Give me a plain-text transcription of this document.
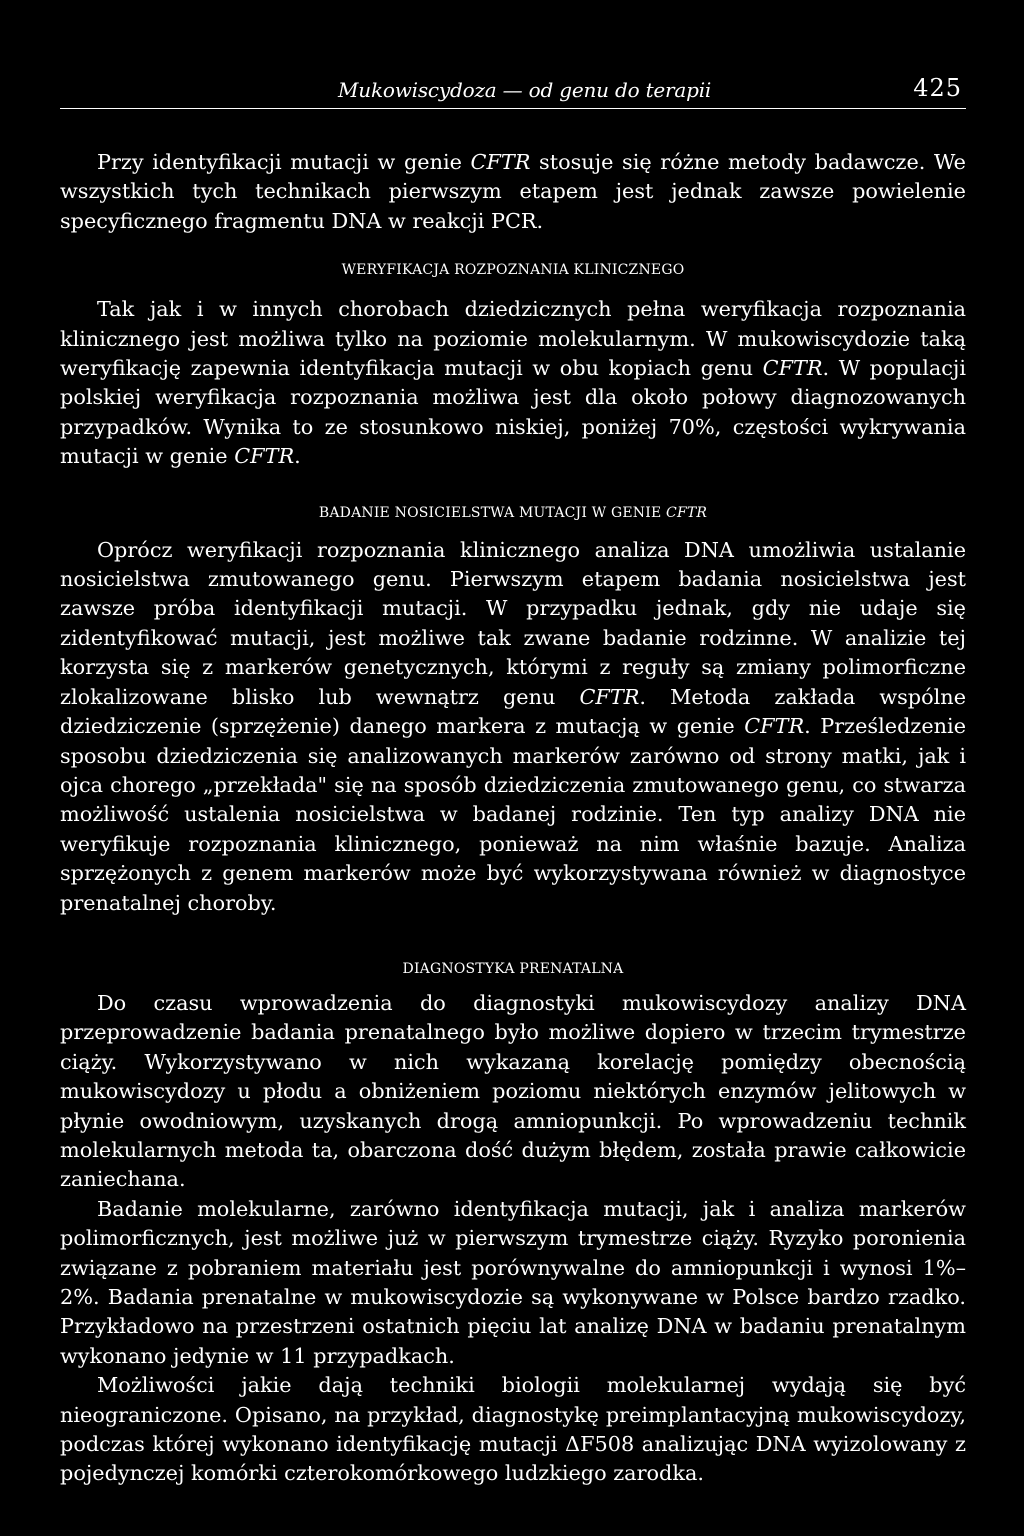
Mukowiscydoza — od genu do terapii	425

Przy identyfikacji mutacji w genie CFTR stosuje się różne metody badawcze. We wszystkich tych technikach pierwszym etapem jest jednak zawsze powielenie specyficznego fragmentu DNA w reakcji PCR.

WERYFIKACJA ROZPOZNANIA KLINICZNEGO

Tak jak i w innych chorobach dziedzicznych pełna weryfikacja rozpoznania klinicznego jest możliwa tylko na poziomie molekularnym. W mukowiscydozie taką weryfikację zapewnia identyfikacja mutacji w obu kopiach genu CFTR. W populacji polskiej weryfikacja rozpoznania możliwa jest dla około połowy diagnozowanych przypadków. Wynika to ze stosunkowo niskiej, poniżej 70%, częstości wykrywania mutacji w genie CFTR.

BADANIE NOSICIELSTWA MUTACJI W GENIE CFTR

Oprócz weryfikacji rozpoznania klinicznego analiza DNA umożliwia ustalanie nosicielstwa zmutowanego genu. Pierwszym etapem badania nosicielstwa jest zawsze próba identyfikacji mutacji. W przypadku jednak, gdy nie udaje się zidentyfikować mutacji, jest możliwe tak zwane badanie rodzinne. W analizie tej korzysta się z markerów genetycznych, którymi z reguły są zmiany polimorficzne zlokalizowane blisko lub wewnątrz genu CFTR. Metoda zakłada wspólne dziedziczenie (sprzężenie) danego markera z mutacją w genie CFTR. Prześledzenie sposobu dziedziczenia się analizowanych markerów zarówno od strony matki, jak i ojca chorego „przekłada" się na sposób dziedziczenia zmutowanego genu, co stwarza możliwość ustalenia nosicielstwa w badanej rodzinie. Ten typ analizy DNA nie weryfikuje rozpoznania klinicznego, ponieważ na nim właśnie bazuje. Analiza sprzężonych z genem markerów może być wykorzystywana również w diagnostyce prenatalnej choroby.

DIAGNOSTYKA PRENATALNA

Do czasu wprowadzenia do diagnostyki mukowiscydozy analizy DNA przeprowadzenie badania prenatalnego było możliwe dopiero w trzecim trymestrze ciąży. Wykorzystywano w nich wykazaną korelację pomiędzy obecnością mukowiscydozy u płodu a obniżeniem poziomu niektórych enzymów jelitowych w płynie owodniowym, uzyskanych drogą amniopunkcji. Po wprowadzeniu technik molekularnych metoda ta, obarczona dość dużym błędem, została prawie całkowicie zaniechana.

Badanie molekularne, zarówno identyfikacja mutacji, jak i analiza markerów polimorficznych, jest możliwe już w pierwszym trymestrze ciąży. Ryzyko poronienia związane z pobraniem materiału jest porównywalne do amniopunkcji i wynosi 1%–2%. Badania prenatalne w mukowiscydozie są wykonywane w Polsce bardzo rzadko. Przykładowo na przestrzeni ostatnich pięciu lat analizę DNA w badaniu prenatalnym wykonano jedynie w 11 przypadkach.

Możliwości jakie dają techniki biologii molekularnej wydają się być nieograniczone. Opisano, na przykład, diagnostykę preimplantacyjną mukowiscydozy, podczas której wykonano identyfikację mutacji ΔF508 analizując DNA wyizolowany z pojedynczej komórki czterokomórkowego ludzkiego zarodka.
